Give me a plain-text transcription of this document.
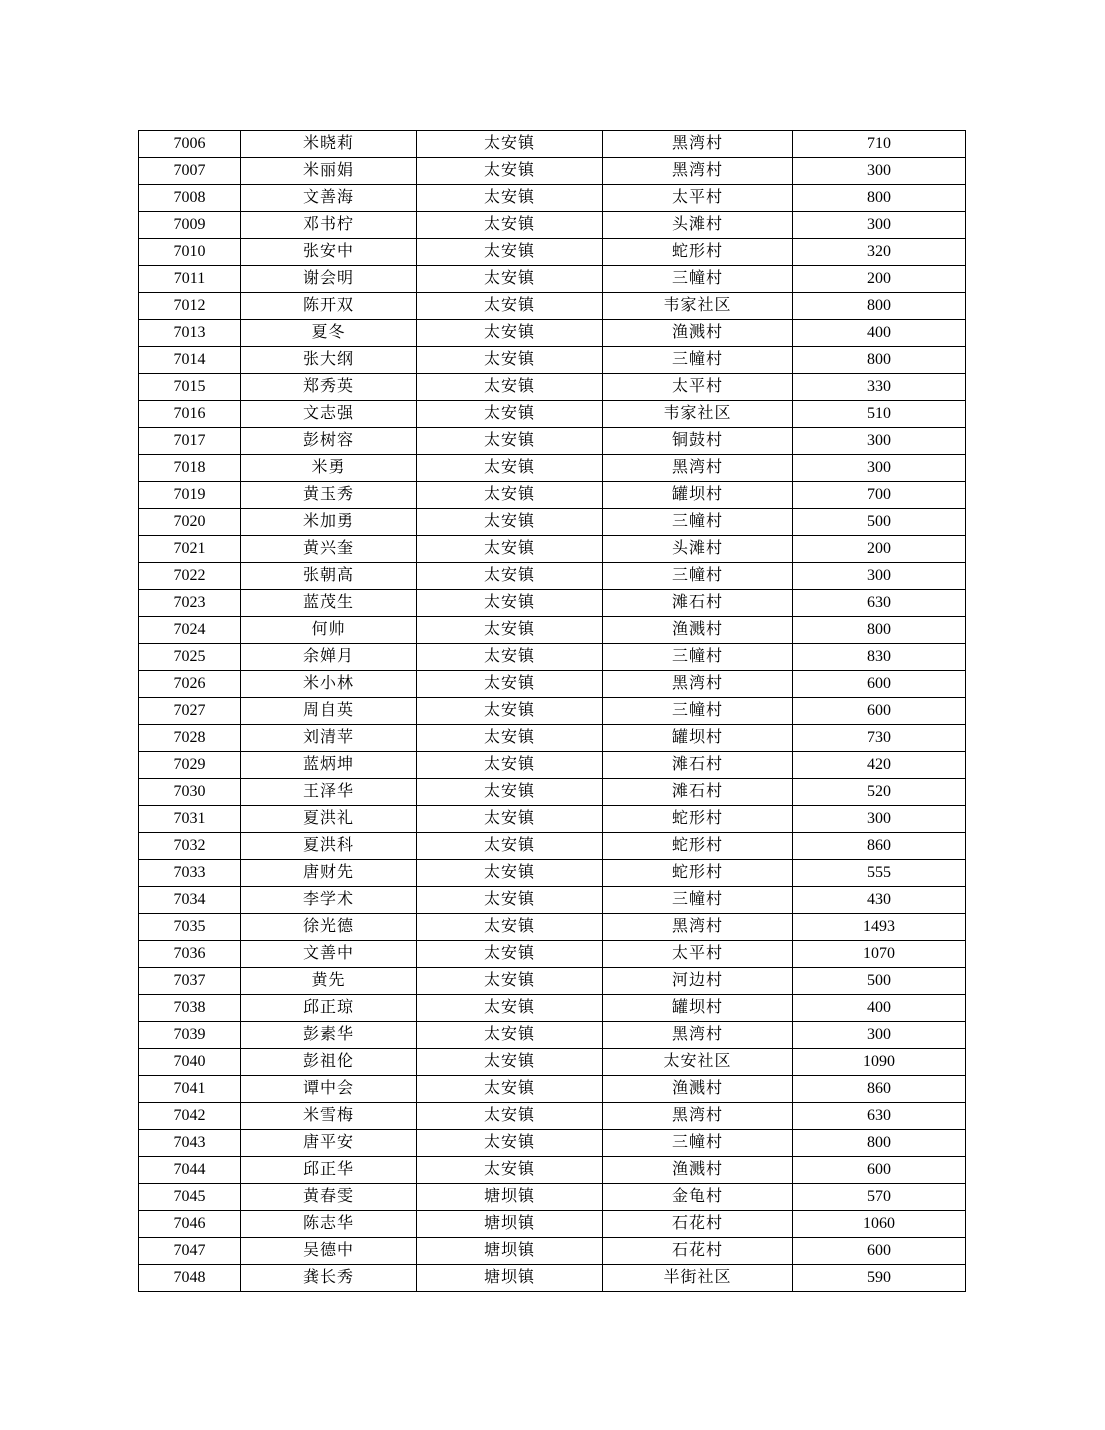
7006	米晓莉	太安镇	黑湾村	710
7007	米丽娟	太安镇	黑湾村	300
7008	文善海	太安镇	太平村	800
7009	邓书柠	太安镇	头滩村	300
7010	张安中	太安镇	蛇形村	320
7011	谢会明	太安镇	三幢村	200
7012	陈开双	太安镇	韦家社区	800
7013	夏冬	太安镇	渔溅村	400
7014	张大纲	太安镇	三幢村	800
7015	郑秀英	太安镇	太平村	330
7016	文志强	太安镇	韦家社区	510
7017	彭树容	太安镇	铜鼓村	300
7018	米勇	太安镇	黑湾村	300
7019	黄玉秀	太安镇	罐坝村	700
7020	米加勇	太安镇	三幢村	500
7021	黄兴奎	太安镇	头滩村	200
7022	张朝高	太安镇	三幢村	300
7023	蓝茂生	太安镇	滩石村	630
7024	何帅	太安镇	渔溅村	800
7025	余婵月	太安镇	三幢村	830
7026	米小林	太安镇	黑湾村	600
7027	周自英	太安镇	三幢村	600
7028	刘清苹	太安镇	罐坝村	730
7029	蓝炳坤	太安镇	滩石村	420
7030	王泽华	太安镇	滩石村	520
7031	夏洪礼	太安镇	蛇形村	300
7032	夏洪科	太安镇	蛇形村	860
7033	唐财先	太安镇	蛇形村	555
7034	李学术	太安镇	三幢村	430
7035	徐光德	太安镇	黑湾村	1493
7036	文善中	太安镇	太平村	1070
7037	黄先	太安镇	河边村	500
7038	邱正琼	太安镇	罐坝村	400
7039	彭素华	太安镇	黑湾村	300
7040	彭祖伦	太安镇	太安社区	1090
7041	谭中会	太安镇	渔溅村	860
7042	米雪梅	太安镇	黑湾村	630
7043	唐平安	太安镇	三幢村	800
7044	邱正华	太安镇	渔溅村	600
7045	黄春雯	塘坝镇	金龟村	570
7046	陈志华	塘坝镇	石花村	1060
7047	吴德中	塘坝镇	石花村	600
7048	龚长秀	塘坝镇	半街社区	590
